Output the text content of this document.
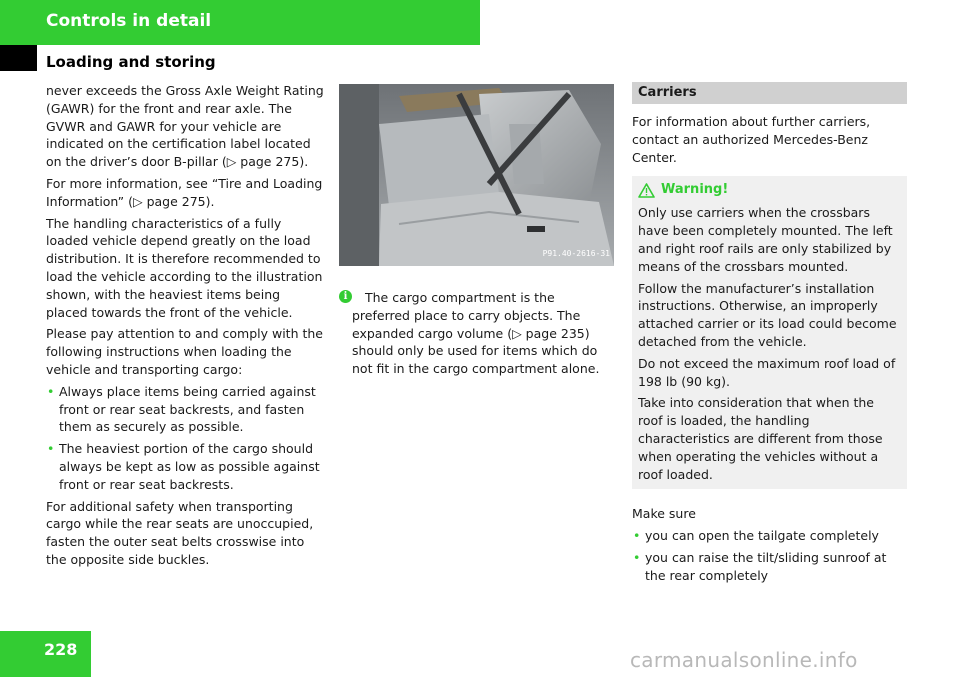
Controls in detail
Loading and storing

never exceeds the Gross Axle Weight Rating (GAWR) for the front and rear axle. The GVWR and GAWR for your vehicle are indicated on the certification label located on the driver’s door B-pillar (▷ page 275).

For more information, see “Tire and Loading Information” (▷ page 275).

The handling characteristics of a fully loaded vehicle depend greatly on the load distribution. It is therefore recommended to load the vehicle according to the illustration shown, with the heaviest items being placed towards the front of the vehicle.

Please pay attention to and comply with the following instructions when loading the vehicle and transporting cargo:

• Always place items being carried against front or rear seat backrests, and fasten them as securely as possible.
• The heaviest portion of the cargo should always be kept as low as possible against front or rear seat backrests.

For additional safety when transporting cargo while the rear seats are unoccupied, fasten the outer seat belts crosswise into the opposite side buckles.

P91.40-2616-31
i	The cargo compartment is the preferred place to carry objects. The expanded cargo volume (▷ page 235) should only be used for items which do not fit in the cargo compartment alone.
Carriers

For information about further carriers, contact an authorized Mercedes-Benz Center.

Warning!

Only use carriers when the crossbars have been completely mounted. The left and right roof rails are only stabilized by means of the crossbars mounted.

Follow the manufacturer’s installation instructions. Otherwise, an improperly attached carrier or its load could become detached from the vehicle.

Do not exceed the maximum roof load of 198 lb (90 kg).

Take into consideration that when the roof is loaded, the handling characteristics are different from those when operating the vehicles without a roof loaded.

Make sure

• you can open the tailgate completely
• you can raise the tilt/sliding sunroof at the rear completely
228	carmanualsonline.info
